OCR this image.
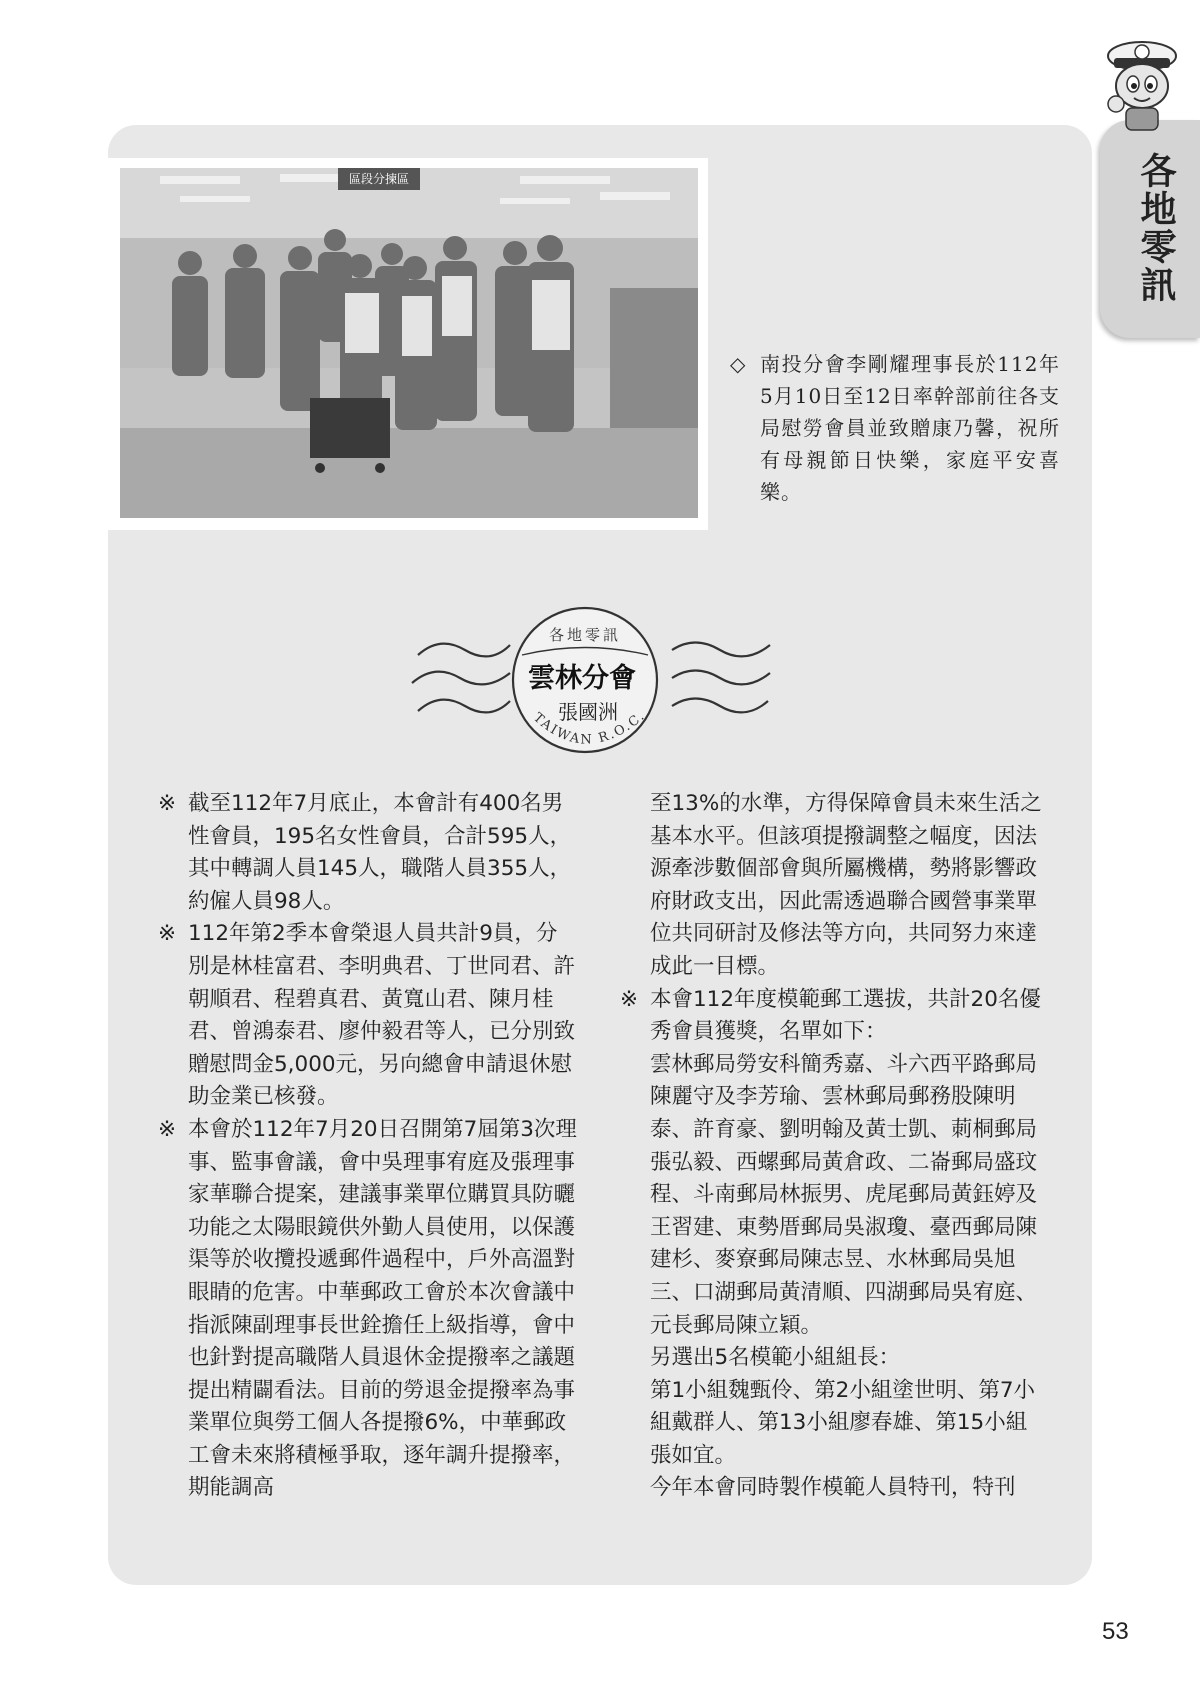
各地零訊
區段分揀區
◇ 南投分會李剛耀理事長於112年5月10日至12日率幹部前往各支局慰勞會員並致贈康乃馨，祝所有母親節日快樂，家庭平安喜樂。
各地零訊
雲林分會
張國洲
TAIWAN R.O.C.

※ 截至112年7月底止，本會計有400名男性會員，195名女性會員，合計595人，其中轉調人員145人，職階人員355人，約僱人員98人。

※ 112年第2季本會榮退人員共計9員，分別是林桂富君、李明典君、丁世同君、許朝順君、程碧真君、黃寬山君、陳月桂君、曾鴻泰君、廖仲毅君等人，已分別致贈慰問金5,000元，另向總會申請退休慰助金業已核發。

※ 本會於112年7月20日召開第7屆第3次理事、監事會議，會中吳理事宥庭及張理事家華聯合提案，建議事業單位購買具防曬功能之太陽眼鏡供外勤人員使用，以保護渠等於收攬投遞郵件過程中，戶外高溫對眼睛的危害。中華郵政工會於本次會議中指派陳副理事長世銓擔任上級指導，會中也針對提高職階人員退休金提撥率之議題提出精闢看法。目前的勞退金提撥率為事業單位與勞工個人各提撥6%，中華郵政工會未來將積極爭取，逐年調升提撥率，期能調高

至13%的水準，方得保障會員未來生活之基本水平。但該項提撥調整之幅度，因法源牽涉數個部會與所屬機構，勢將影響政府財政支出，因此需透過聯合國營事業單位共同研討及修法等方向，共同努力來達成此一目標。

※ 本會112年度模範郵工選拔，共計20名優秀會員獲獎，名單如下：

雲林郵局勞安科簡秀嘉、斗六西平路郵局陳麗守及李芳瑜、雲林郵局郵務股陳明泰、許育豪、劉明翰及黃士凱、莿桐郵局張弘毅、西螺郵局黃倉政、二崙郵局盛玟程、斗南郵局林振男、虎尾郵局黃鈺婷及王習建、東勢厝郵局吳淑瓊、臺西郵局陳建杉、麥寮郵局陳志昱、水林郵局吳旭三、口湖郵局黃清順、四湖郵局吳宥庭、元長郵局陳立穎。

另選出5名模範小組組長：

第1小組魏甄伶、第2小組塗世明、第7小組戴群人、第13小組廖春雄、第15小組張如宜。

今年本會同時製作模範人員特刊，特刊

53
